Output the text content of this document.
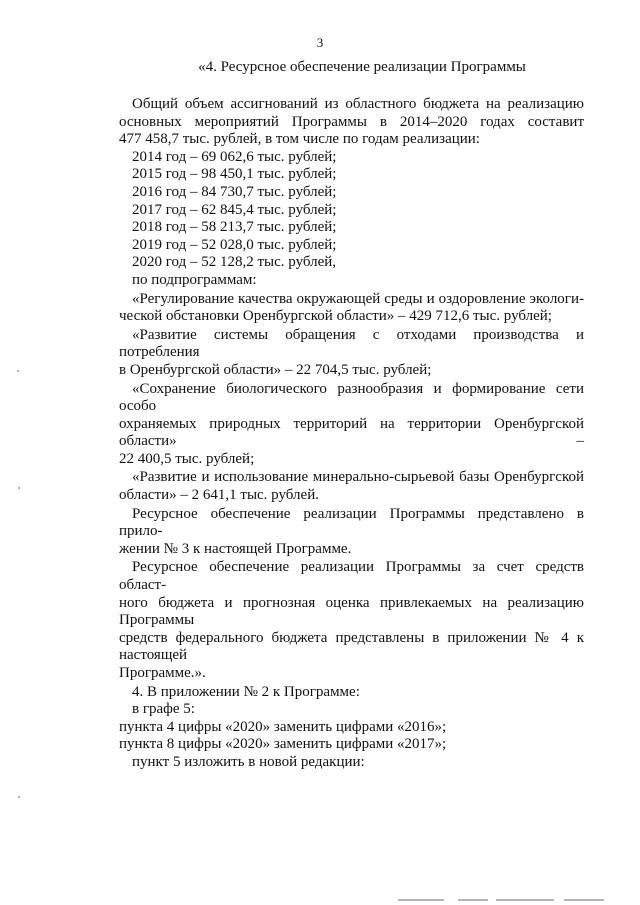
3
«4. Ресурсное обеспечение реализации Программы

Общий объем ассигнований из областного бюджета на реализацию

основных мероприятий Программы в 2014–2020 годах составит

477 458,7 тыс. рублей, в том числе по годам реализации:

2014 год – 69 062,6 тыс. рублей;

2015 год – 98 450,1 тыс. рублей;

2016 год – 84 730,7 тыс. рублей;

2017 год – 62 845,4 тыс. рублей;

2018 год – 58 213,7 тыс. рублей;

2019 год – 52 028,0 тыс. рублей;

2020 год – 52 128,2 тыс. рублей,

по подпрограммам:

«Регулирование качества окружающей среды и оздоровление экологи-

ческой обстановки Оренбургской области» – 429 712,6 тыс. рублей;

«Развитие системы обращения с отходами производства и потребления

в Оренбургской области» – 22 704,5 тыс. рублей;

«Сохранение биологического разнообразия и формирование сети особо

охраняемых природных территорий на территории Оренбургской области» –

22 400,5 тыс. рублей;

«Развитие и использование минерально-сырьевой базы Оренбургской

области» – 2 641,1 тыс. рублей.

Ресурсное обеспечение реализации Программы представлено в прило-

жении № 3 к настоящей Программе.

Ресурсное обеспечение реализации Программы за счет средств област-

ного бюджета и прогнозная оценка привлекаемых на реализацию Программы

средств федерального бюджета представлены в приложении № 4 к настоящей

Программе.».

4. В приложении № 2 к Программе:

в графе 5:

пункта 4 цифры «2020» заменить цифрами «2016»;

пункта 8 цифры «2020» заменить цифрами «2017»;

пункт 5 изложить в новой редакции:
